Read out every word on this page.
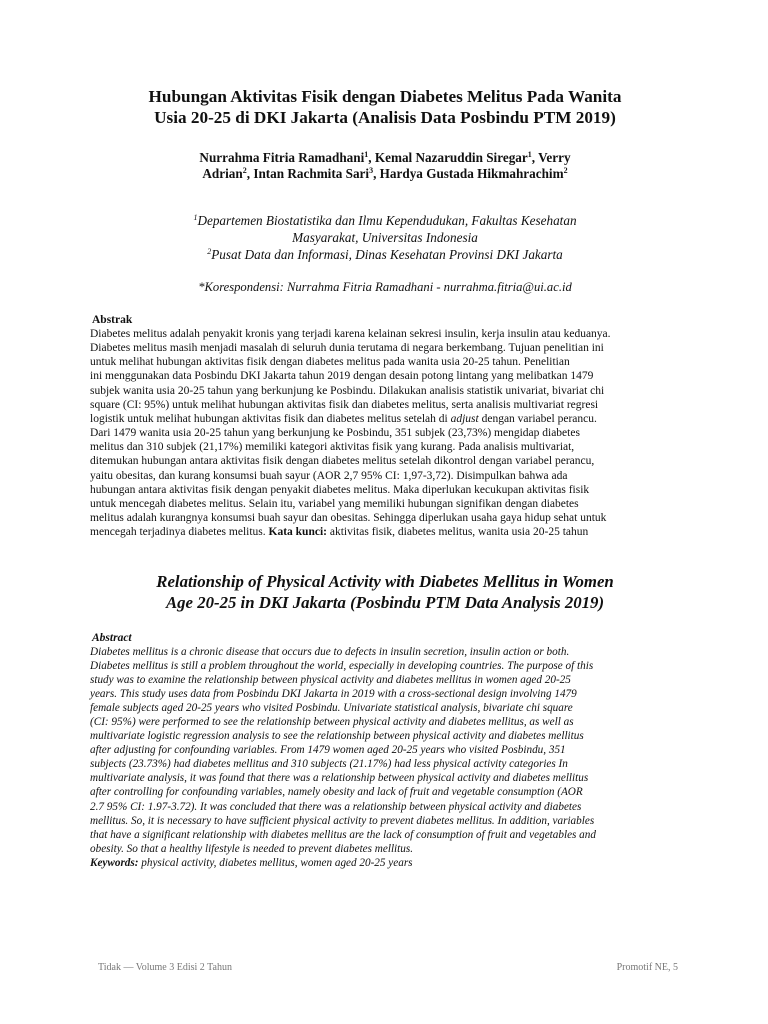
Hubungan Aktivitas Fisik dengan Diabetes Melitus Pada Wanita
Usia 20-25 di DKI Jakarta (Analisis Data Posbindu PTM 2019)
Nurrahma Fitria Ramadhani$^1$, Kemal Nazaruddin Siregar$^1$, Verry
Adrian$^2$, Intan Rachmita Sari$^3$, Hardya Gustada Hikmahrachim$^2$
$^1$Departemen Biostatistika dan Ilmu Kependudukan, Fakultas Kesehatan
Masyarakat, Universitas Indonesia
$^2$Pusat Data dan Informasi, Dinas Kesehatan Provinsi DKI Jakarta
*Korespondensi: Nurrahma Fitria Ramadhani - nurrahma.fitria@ui.ac.id
Abstrak
Diabetes melitus adalah penyakit kronis yang terjadi karena kelainan sekresi insulin, kerja insulin atau keduanya.
Diabetes melitus masih menjadi masalah di seluruh dunia terutama di negara berkembang. Tujuan penelitian ini
untuk melihat hubungan aktivitas fisik dengan diabetes melitus pada wanita usia 20-25 tahun. Penelitian
ini menggunakan data Posbindu DKI Jakarta tahun 2019 dengan desain potong lintang yang melibatkan 1479
subjek wanita usia 20-25 tahun yang berkunjung ke Posbindu. Dilakukan analisis statistik univariat, bivariat chi
square (CI: 95%) untuk melihat hubungan aktivitas fisik dan diabetes melitus, serta analisis multivariat regresi
logistik untuk melihat hubungan aktivitas fisik dan diabetes melitus setelah di adjust dengan variabel perancu.
Dari 1479 wanita usia 20-25 tahun yang berkunjung ke Posbindu, 351 subjek (23,73%) mengidap diabetes
melitus dan 310 subjek (21,17%) memiliki kategori aktivitas fisik yang kurang. Pada analisis multivariat,
ditemukan hubungan antara aktivitas fisik dengan diabetes melitus setelah dikontrol dengan variabel perancu,
yaitu obesitas, dan kurang konsumsi buah sayur (AOR 2,7 95% CI: 1,97-3,72). Disimpulkan bahwa ada
hubungan antara aktivitas fisik dengan penyakit diabetes melitus. Maka diperlukan kecukupan aktivitas fisik
untuk mencegah diabetes melitus. Selain itu, variabel yang memiliki hubungan signifikan dengan diabetes
melitus adalah kurangnya konsumsi buah sayur dan obesitas. Sehingga diperlukan usaha gaya hidup sehat untuk
mencegah terjadinya diabetes melitus. Kata kunci: aktivitas fisik, diabetes melitus, wanita usia 20-25 tahun
Relationship of Physical Activity with Diabetes Mellitus in Women
Age 20-25 in DKI Jakarta (Posbindu PTM Data Analysis 2019)
Abstract
Diabetes mellitus is a chronic disease that occurs due to defects in insulin secretion, insulin action or both.
Diabetes mellitus is still a problem throughout the world, especially in developing countries. The purpose of this
study was to examine the relationship between physical activity and diabetes mellitus in women aged 20-25
years. This study uses data from Posbindu DKI Jakarta in 2019 with a cross-sectional design involving 1479
female subjects aged 20-25 years who visited Posbindu. Univariate statistical analysis, bivariate chi square
(CI: 95%) were performed to see the relationship between physical activity and diabetes mellitus, as well as
multivariate logistic regression analysis to see the relationship between physical activity and diabetes mellitus
after adjusting for confounding variables. From 1479 women aged 20-25 years who visited Posbindu, 351
subjects (23.73%) had diabetes mellitus and 310 subjects (21.17%) had less physical activity categories In
multivariate analysis, it was found that there was a relationship between physical activity and diabetes mellitus
after controlling for confounding variables, namely obesity and lack of fruit and vegetable consumption (AOR
2.7 95% CI: 1.97-3.72). It was concluded that there was a relationship between physical activity and diabetes
mellitus. So, it is necessary to have sufficient physical activity to prevent diabetes mellitus. In addition, variables
that have a significant relationship with diabetes mellitus are the lack of consumption of fruit and vegetables and
obesity. So that a healthy lifestyle is needed to prevent diabetes mellitus.
Keywords: physical activity, diabetes mellitus, women aged 20-25 years
Tidak — Volume 3 Edisi 2 Tahun	Promotif NE, 5
